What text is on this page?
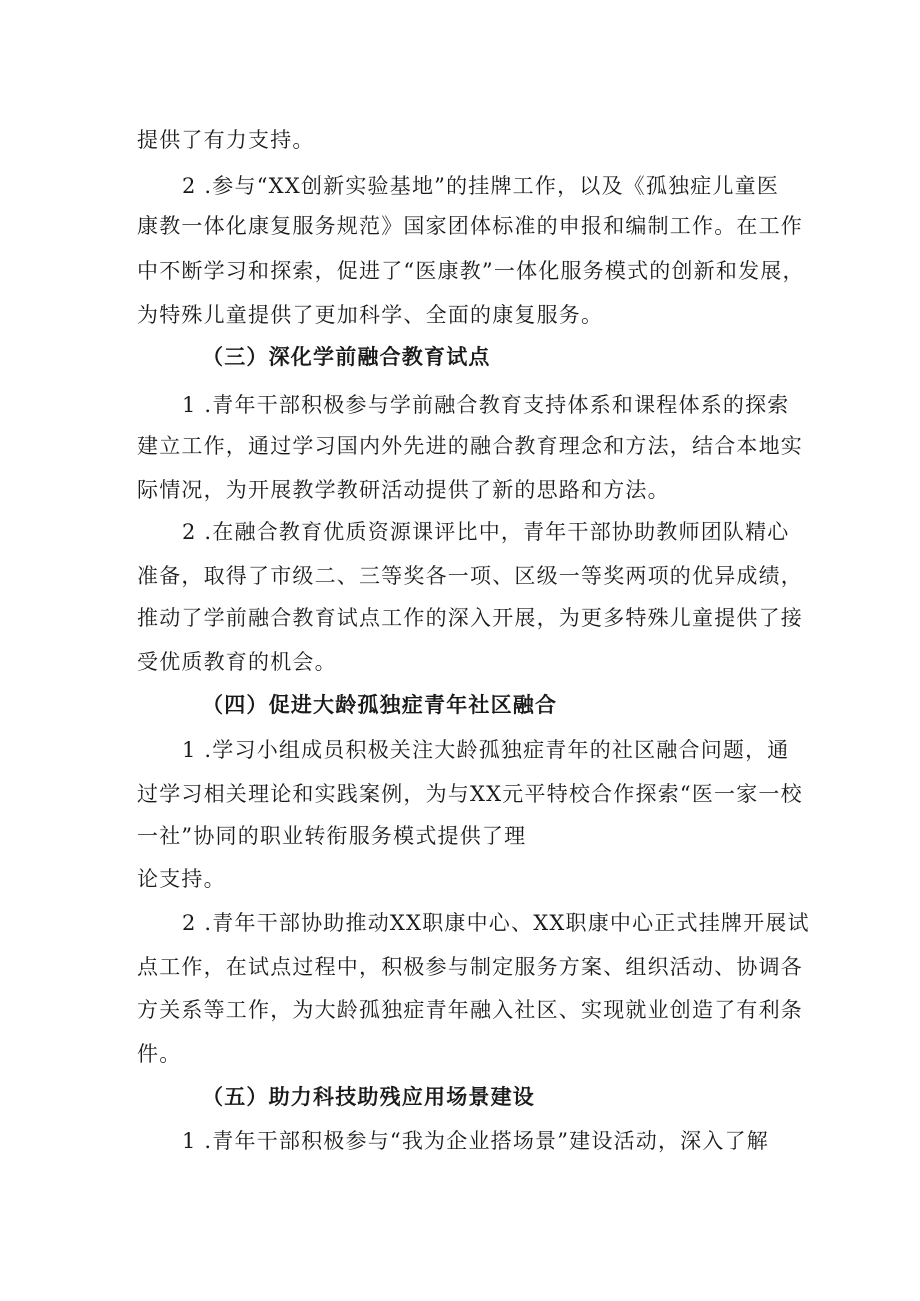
提供了有力支持。
2 .参与“XX创新实验基地”的挂牌工作，以及《孤独症儿童医
康教一体化康复服务规范》国家团体标准的申报和编制工作。在工作
中不断学习和探索，促进了“医康教”一体化服务模式的创新和发展，
为特殊儿童提供了更加科学、全面的康复服务。
（三）深化学前融合教育试点
1 .青年干部积极参与学前融合教育支持体系和课程体系的探索
建立工作，通过学习国内外先进的融合教育理念和方法，结合本地实
际情况，为开展教学教研活动提供了新的思路和方法。
2 .在融合教育优质资源课评比中，青年干部协助教师团队精心
准备，取得了市级二、三等奖各一项、区级一等奖两项的优异成绩，
推动了学前融合教育试点工作的深入开展，为更多特殊儿童提供了接
受优质教育的机会。
（四）促进大龄孤独症青年社区融合
1 .学习小组成员积极关注大龄孤独症青年的社区融合问题，通
过学习相关理论和实践案例，为与XX元平特校合作探索“医一家一校
一社”协同的职业转衔服务模式提供了理
论支持。
2 .青年干部协助推动XX职康中心、XX职康中心正式挂牌开展试
点工作，在试点过程中，积极参与制定服务方案、组织活动、协调各
方关系等工作，为大龄孤独症青年融入社区、实现就业创造了有利条
件。
（五）助力科技助残应用场景建设
1 .青年干部积极参与“我为企业搭场景”建设活动，深入了解
